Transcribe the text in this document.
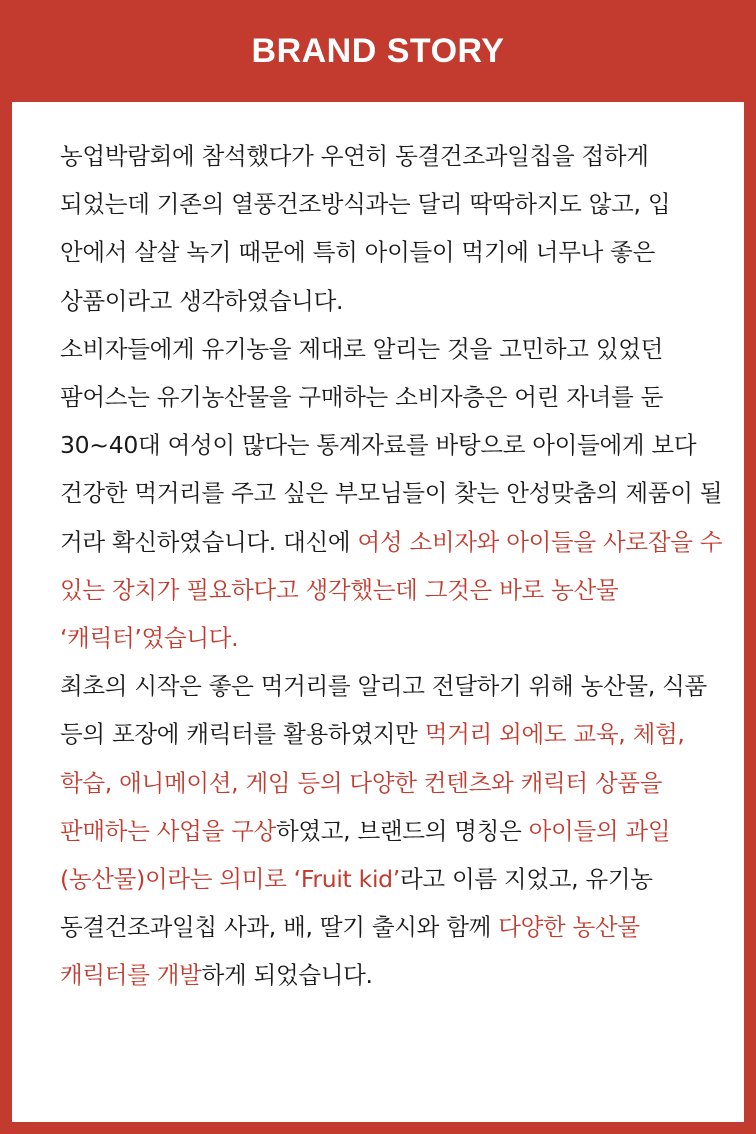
BRAND STORY

농업박람회에 참석했다가 우연히 동결건조과일칩을 접하게 되었는데 기존의 열풍건조방식과는 달리 딱딱하지도 않고, 입 안에서 살살 녹기 때문에 특히 아이들이 먹기에 너무나 좋은 상품이라고 생각하였습니다.

소비자들에게 유기농을 제대로 알리는 것을 고민하고 있었던 팜어스는 유기농산물을 구매하는 소비자층은 어린 자녀를 둔 30~40대 여성이 많다는 통계자료를 바탕으로 아이들에게 보다 건강한 먹거리를 주고 싶은 부모님들이 찾는 안성맞춤의 제품이 될 거라 확신하였습니다. 대신에 여성 소비자와 아이들을 사로잡을 수 있는 장치가 필요하다고 생각했는데 그것은 바로 농산물 ‘캐릭터’였습니다.

최초의 시작은 좋은 먹거리를 알리고 전달하기 위해 농산물, 식품 등의 포장에 캐릭터를 활용하였지만 먹거리 외에도 교육, 체험, 학습, 애니메이션, 게임 등의 다양한 컨텐츠와 캐릭터 상품을 판매하는 사업을 구상하였고, 브랜드의 명칭은 아이들의 과일(농산물)이라는 의미로 ‘Fruit kid’라고 이름 지었고, 유기농 동결건조과일칩 사과, 배, 딸기 출시와 함께 다양한 농산물 캐릭터를 개발하게 되었습니다.
